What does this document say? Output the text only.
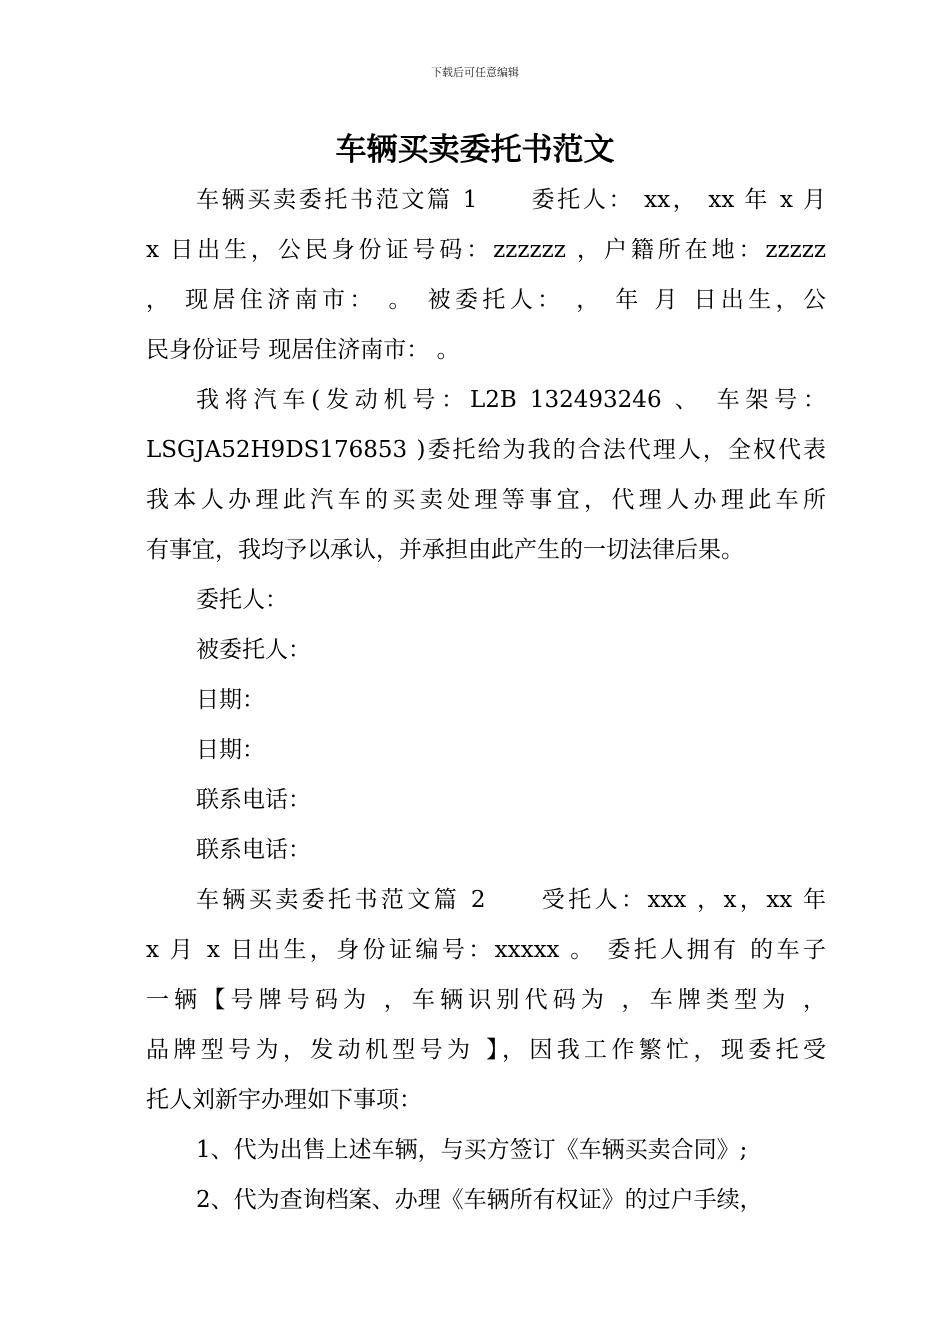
下载后可任意编辑
车辆买卖委托书范文
车辆买卖委托书范文篇 1　　委托人： xx， xx 年 x 月
x 日出生，公民身份证号码：zzzzzz ，户籍所在地：zzzzz
， 现居住济南市： 。 被委托人： ， 年 月 日出生，公
民身份证号 现居住济南市： 。
我将汽车(发动机号：L2B 132493246 、 车架号：
LSGJA52H9DS176853 )委托给为我的合法代理人，全权代表
我本人办理此汽车的买卖处理等事宜，代理人办理此车所
有事宜，我均予以承认，并承担由此产生的一切法律后果。
委托人：
被委托人：
日期：
日期：
联系电话：
联系电话：
车辆买卖委托书范文篇 2　　受托人：xxx ，x，xx 年
x 月 x 日出生，身份证编号：xxxxx 。 委托人拥有 的车子
一辆【号牌号码为 ，车辆识别代码为 ，车牌类型为 ，
品牌型号为，发动机型号为 】，因我工作繁忙，现委托受
托人刘新宇办理如下事项：
1、代为出售上述车辆，与买方签订《车辆买卖合同》;
2、代为查询档案、办理《车辆所有权证》的过户手续，
